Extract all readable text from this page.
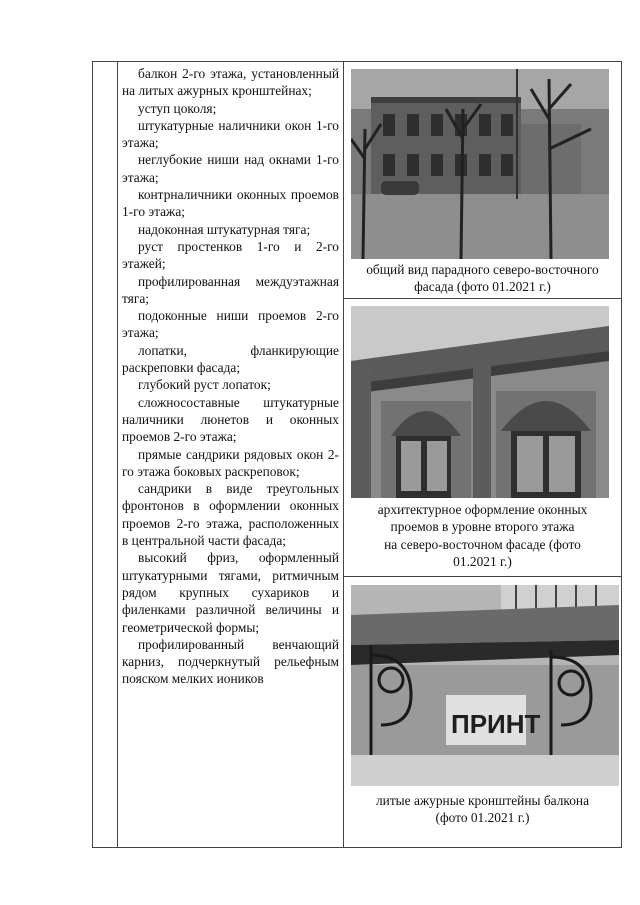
балкон 2-го этажа, установленный на литых ажурных кронштейнах;

уступ цоколя;

штукатурные наличники окон 1-го этажа;

неглубокие ниши над окнами 1-го этажа;

контрналичники оконных проемов 1-го этажа;

надоконная штукатурная тяга;

руст простенков 1-го и 2-го этажей;

профилированная междуэтажная тяга;

подоконные ниши проемов 2-го этажа;

лопатки, фланкирующие раскреповки фасада;

глубокий руст лопаток;

сложносоставные штукатурные наличники люнетов и оконных проемов 2-го этажа;

прямые сандрики рядовых окон 2-го этажа боковых раскреповок;

сандрики в виде треугольных фронтонов в оформлении оконных проемов 2-го этажа, расположенных в центральной части фасада;

высокий фриз, оформленный штукатурными тягами, ритмичным рядом крупных сухариков и филенками различной величины и геометрической формы;

профилированный венчающий карниз, подчеркнутый рельефным пояском мелких иоников

общий вид парадного северо-восточного
фасада (фото 01.2021 г.)
архитектурное оформление оконных
проемов в уровне второго этажа
на северо-восточном фасаде (фото
01.2021 г.)
ПРИНТ
литые ажурные кронштейны балкона
(фото 01.2021 г.)
